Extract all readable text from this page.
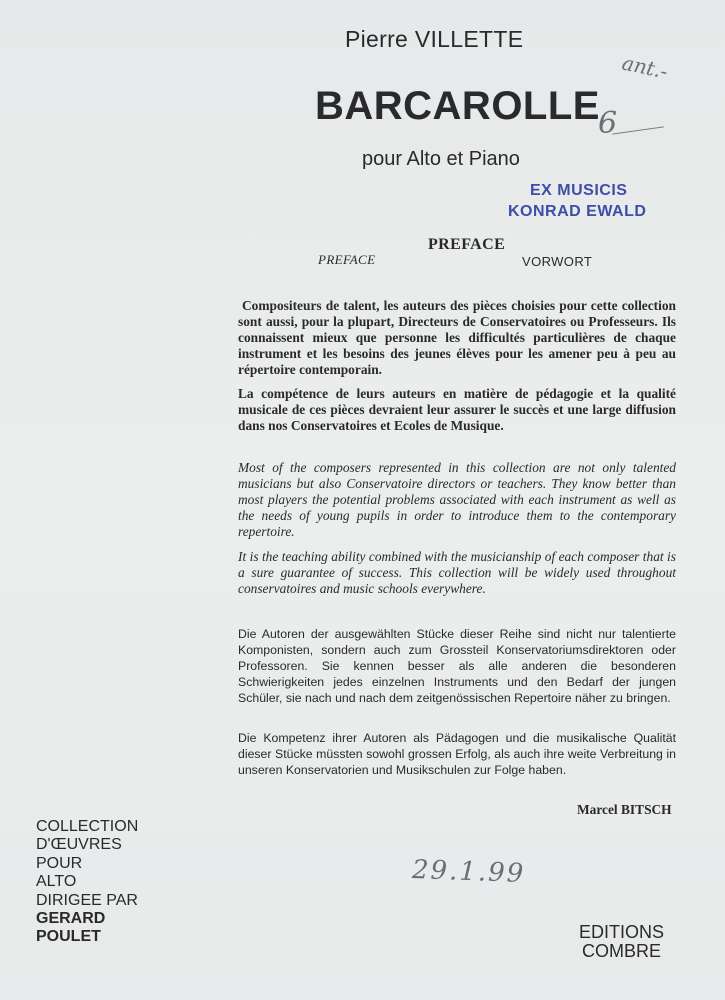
Pierre VILLETTE
BARCAROLLE
pour Alto et Piano
ant.-
6
EX MUSICIS
KONRAD EWALD
PREFACE
PREFACE	VORWORT

Compositeurs de talent, les auteurs des pièces choisies pour cette collection sont aussi, pour la plupart, Directeurs de Conservatoires ou Professeurs. Ils connaissent mieux que personne les difficultés particulières de chaque instrument et les besoins des jeunes élèves pour les amener peu à peu au répertoire contemporain.

La compétence de leurs auteurs en matière de pédagogie et la qualité musicale de ces pièces devraient leur assurer le succès et une large diffusion dans nos Conservatoires et Ecoles de Musique.

Most of the composers represented in this collection are not only talented musicians but also Conservatoire directors or teachers. They know better than most players the potential problems associated with each instrument as well as the needs of young pupils in order to introduce them to the contemporary repertoire.

It is the teaching ability combined with the musicianship of each composer that is a sure guarantee of success. This collection will be widely used throughout conservatoires and music schools everywhere.

Die Autoren der ausgewählten Stücke dieser Reihe sind nicht nur talentierte Komponisten, sondern auch zum Grossteil Konservatoriumsdirektoren oder Professoren. Sie kennen besser als alle anderen die besonderen Schwierigkeiten jedes einzelnen Instruments und den Bedarf der jungen Schüler, sie nach und nach dem zeitgenössischen Repertoire näher zu bringen.

Die Kompetenz ihrer Autoren als Pädagogen und die musikalische Qualität dieser Stücke müssten sowohl grossen Erfolg, als auch ihre weite Verbreitung in unseren Konservatorien und Musikschulen zur Folge haben.

Marcel BITSCH
29.1.99
COLLECTION
D'ŒUVRES
POUR
ALTO
DIRIGEE PAR
GERARD
POULET	EDITIONS
COMBRE
